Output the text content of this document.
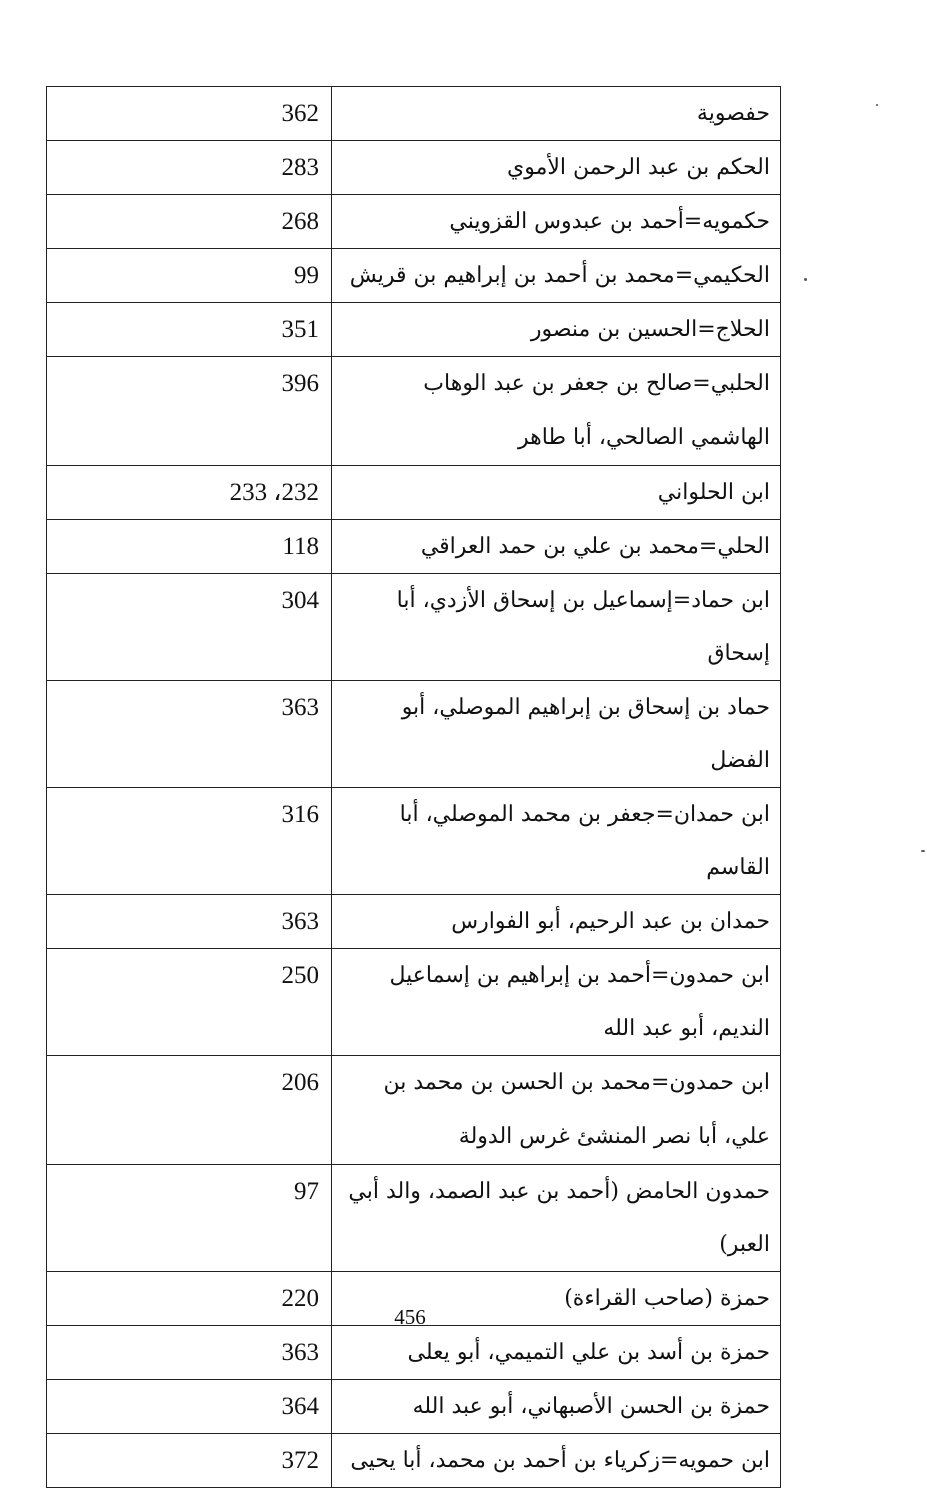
362	حفصوية

283	الحكم بن عبد الرحمن الأموي

268	حكمويه=أحمد بن عبدوس القزويني

99	الحكيمي=محمد بن أحمد بن إبراهيم بن قريش

351	الحلاج=الحسين بن منصور

396	الحلبي=صالح بن جعفر بن عبد الوهاب الهاشمي الصالحي، أبا طاهر

233 ،232	ابن الحلواني

118	الحلي=محمد بن علي بن حمد العراقي

304	ابن حماد=إسماعيل بن إسحاق الأزدي، أبا إسحاق

363	حماد بن إسحاق بن إبراهيم الموصلي، أبو الفضل

316	ابن حمدان=جعفر بن محمد الموصلي، أبا القاسم

363	حمدان بن عبد الرحيم، أبو الفوارس

250	ابن حمدون=أحمد بن إبراهيم بن إسماعيل النديم، أبو عبد الله

206	ابن حمدون=محمد بن الحسن بن محمد بن علي، أبا نصر المنشئ غرس الدولة

97	حمدون الحامض (أحمد بن عبد الصمد، والد أبي العبر)

220	حمزة (صاحب القراءة)

363	حمزة بن أسد بن علي التميمي، أبو يعلى

364	حمزة بن الحسن الأصبهاني، أبو عبد الله

372	ابن حمويه=زكرياء بن أحمد بن محمد، أبا يحيى
456
